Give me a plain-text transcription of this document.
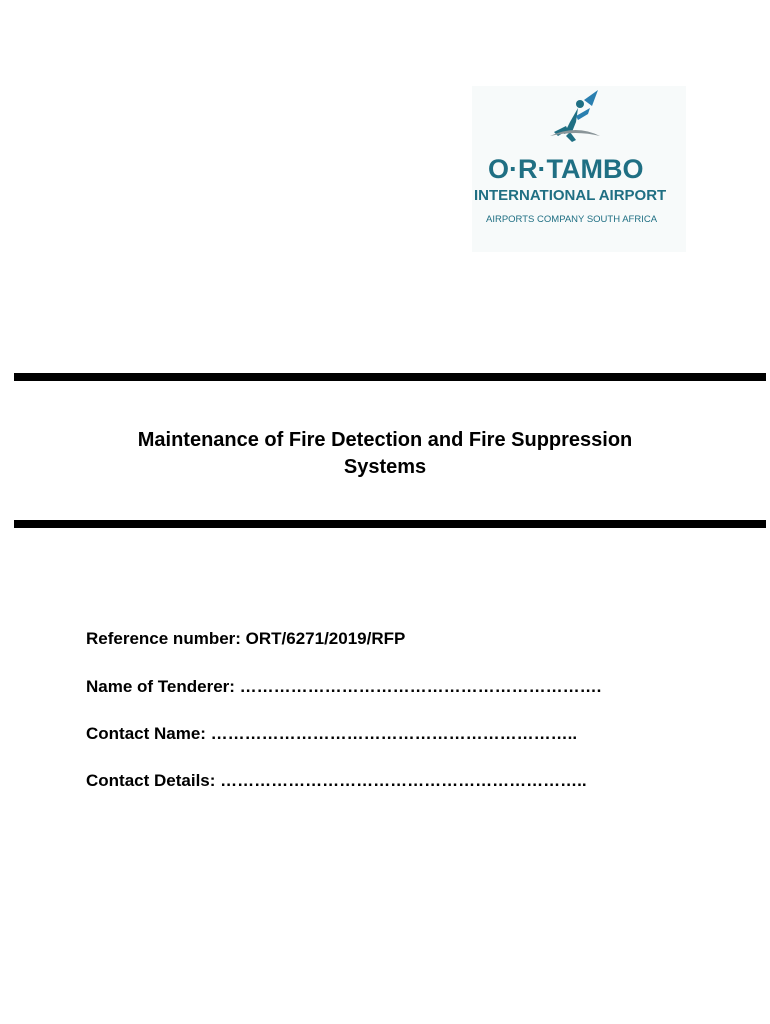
O·R·TAMBO
INTERNATIONAL AIRPORT
AIRPORTS COMPANY SOUTH AFRICA
Maintenance of Fire Detection and Fire Suppression
Systems
Reference number: ORT/6271/2019/RFP
Name of Tenderer: ……………………………………………………….
Contact Name: ………………………………………………………..
Contact Details: ………………………………………………………..
